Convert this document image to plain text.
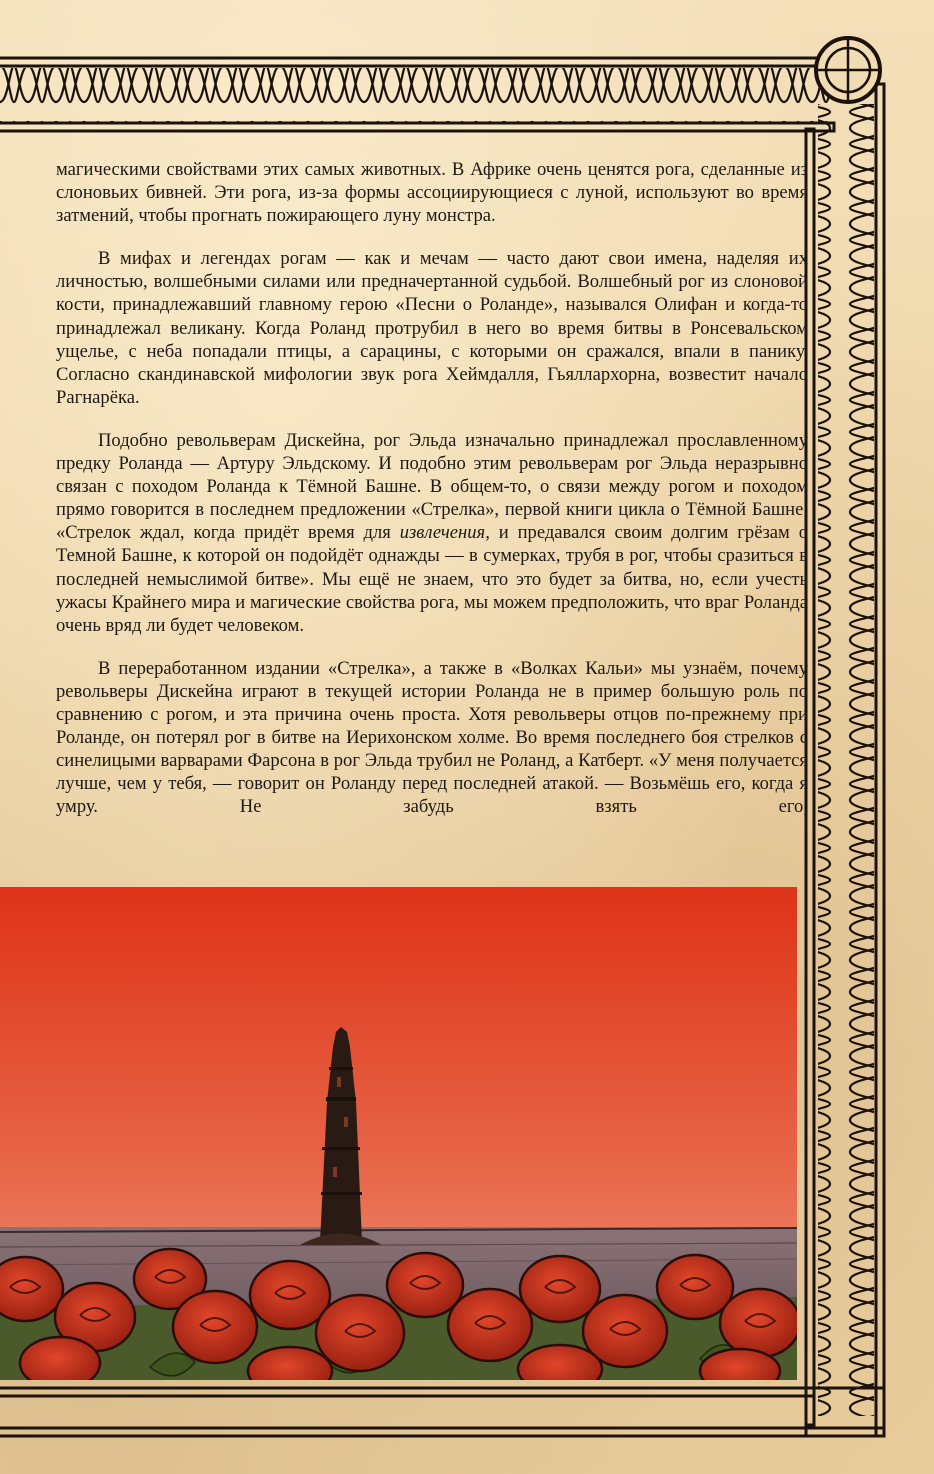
магическими свойствами этих самых животных. В Африке очень ценятся рога, сделанные из слоновьих бивней. Эти рога, из-за формы ассоциирующиеся с луной, используют во время затмений, чтобы прогнать пожирающего луну монстра.

В мифах и легендах рогам — как и мечам — часто дают свои имена, наделяя их личностью, волшебными силами или предначертанной судьбой. Волшебный рог из слоновой кости, принадлежавший главному герою «Песни о Роланде», назывался Олифан и когда-то принадлежал великану. Когда Роланд протрубил в него во время битвы в Ронсевальском ущелье, с неба попадали птицы, а сарацины, с которыми он сражался, впали в панику. Согласно скандинавской мифологии звук рога Хеймдалля, Гьяллархорна, возвестит начало Рагнарёка.

Подобно револьверам Дискейна, рог Эльда изначально принадлежал прославленному предку Роланда — Артуру Эльдскому. И подобно этим револьверам рог Эльда неразрывно связан с походом Роланда к Тёмной Башне. В общем-то, о связи между рогом и походом прямо говорится в последнем предложении «Стрелка», первой книги цикла о Тёмной Башне. «Стрелок ждал, когда придёт время для извлечения, и предавался своим долгим грёзам о Темной Башне, к которой он подойдёт однажды — в сумерках, трубя в рог, чтобы сразиться в последней немыслимой битве». Мы ещё не знаем, что это будет за битва, но, если учесть ужасы Крайнего мира и магические свойства рога, мы можем предположить, что враг Роланда очень вряд ли будет человеком.

В переработанном издании «Стрелка», а также в «Волках Кальи» мы узнаём, почему револьверы Дискейна играют в текущей истории Роланда не в пример большую роль по сравнению с рогом, и эта причина очень проста. Хотя револьверы отцов по-прежнему при Роланде, он потерял рог в битве на Иерихонском холме. Во время последнего боя стрелков с синелицыми варварами Фарсона в рог Эльда трубил не Роланд, а Катберт. «У меня получается лучше, чем у тебя, — говорит он Роланду перед последней атакой. — Возьмёшь его, когда я умру. Не забудь взять его,
